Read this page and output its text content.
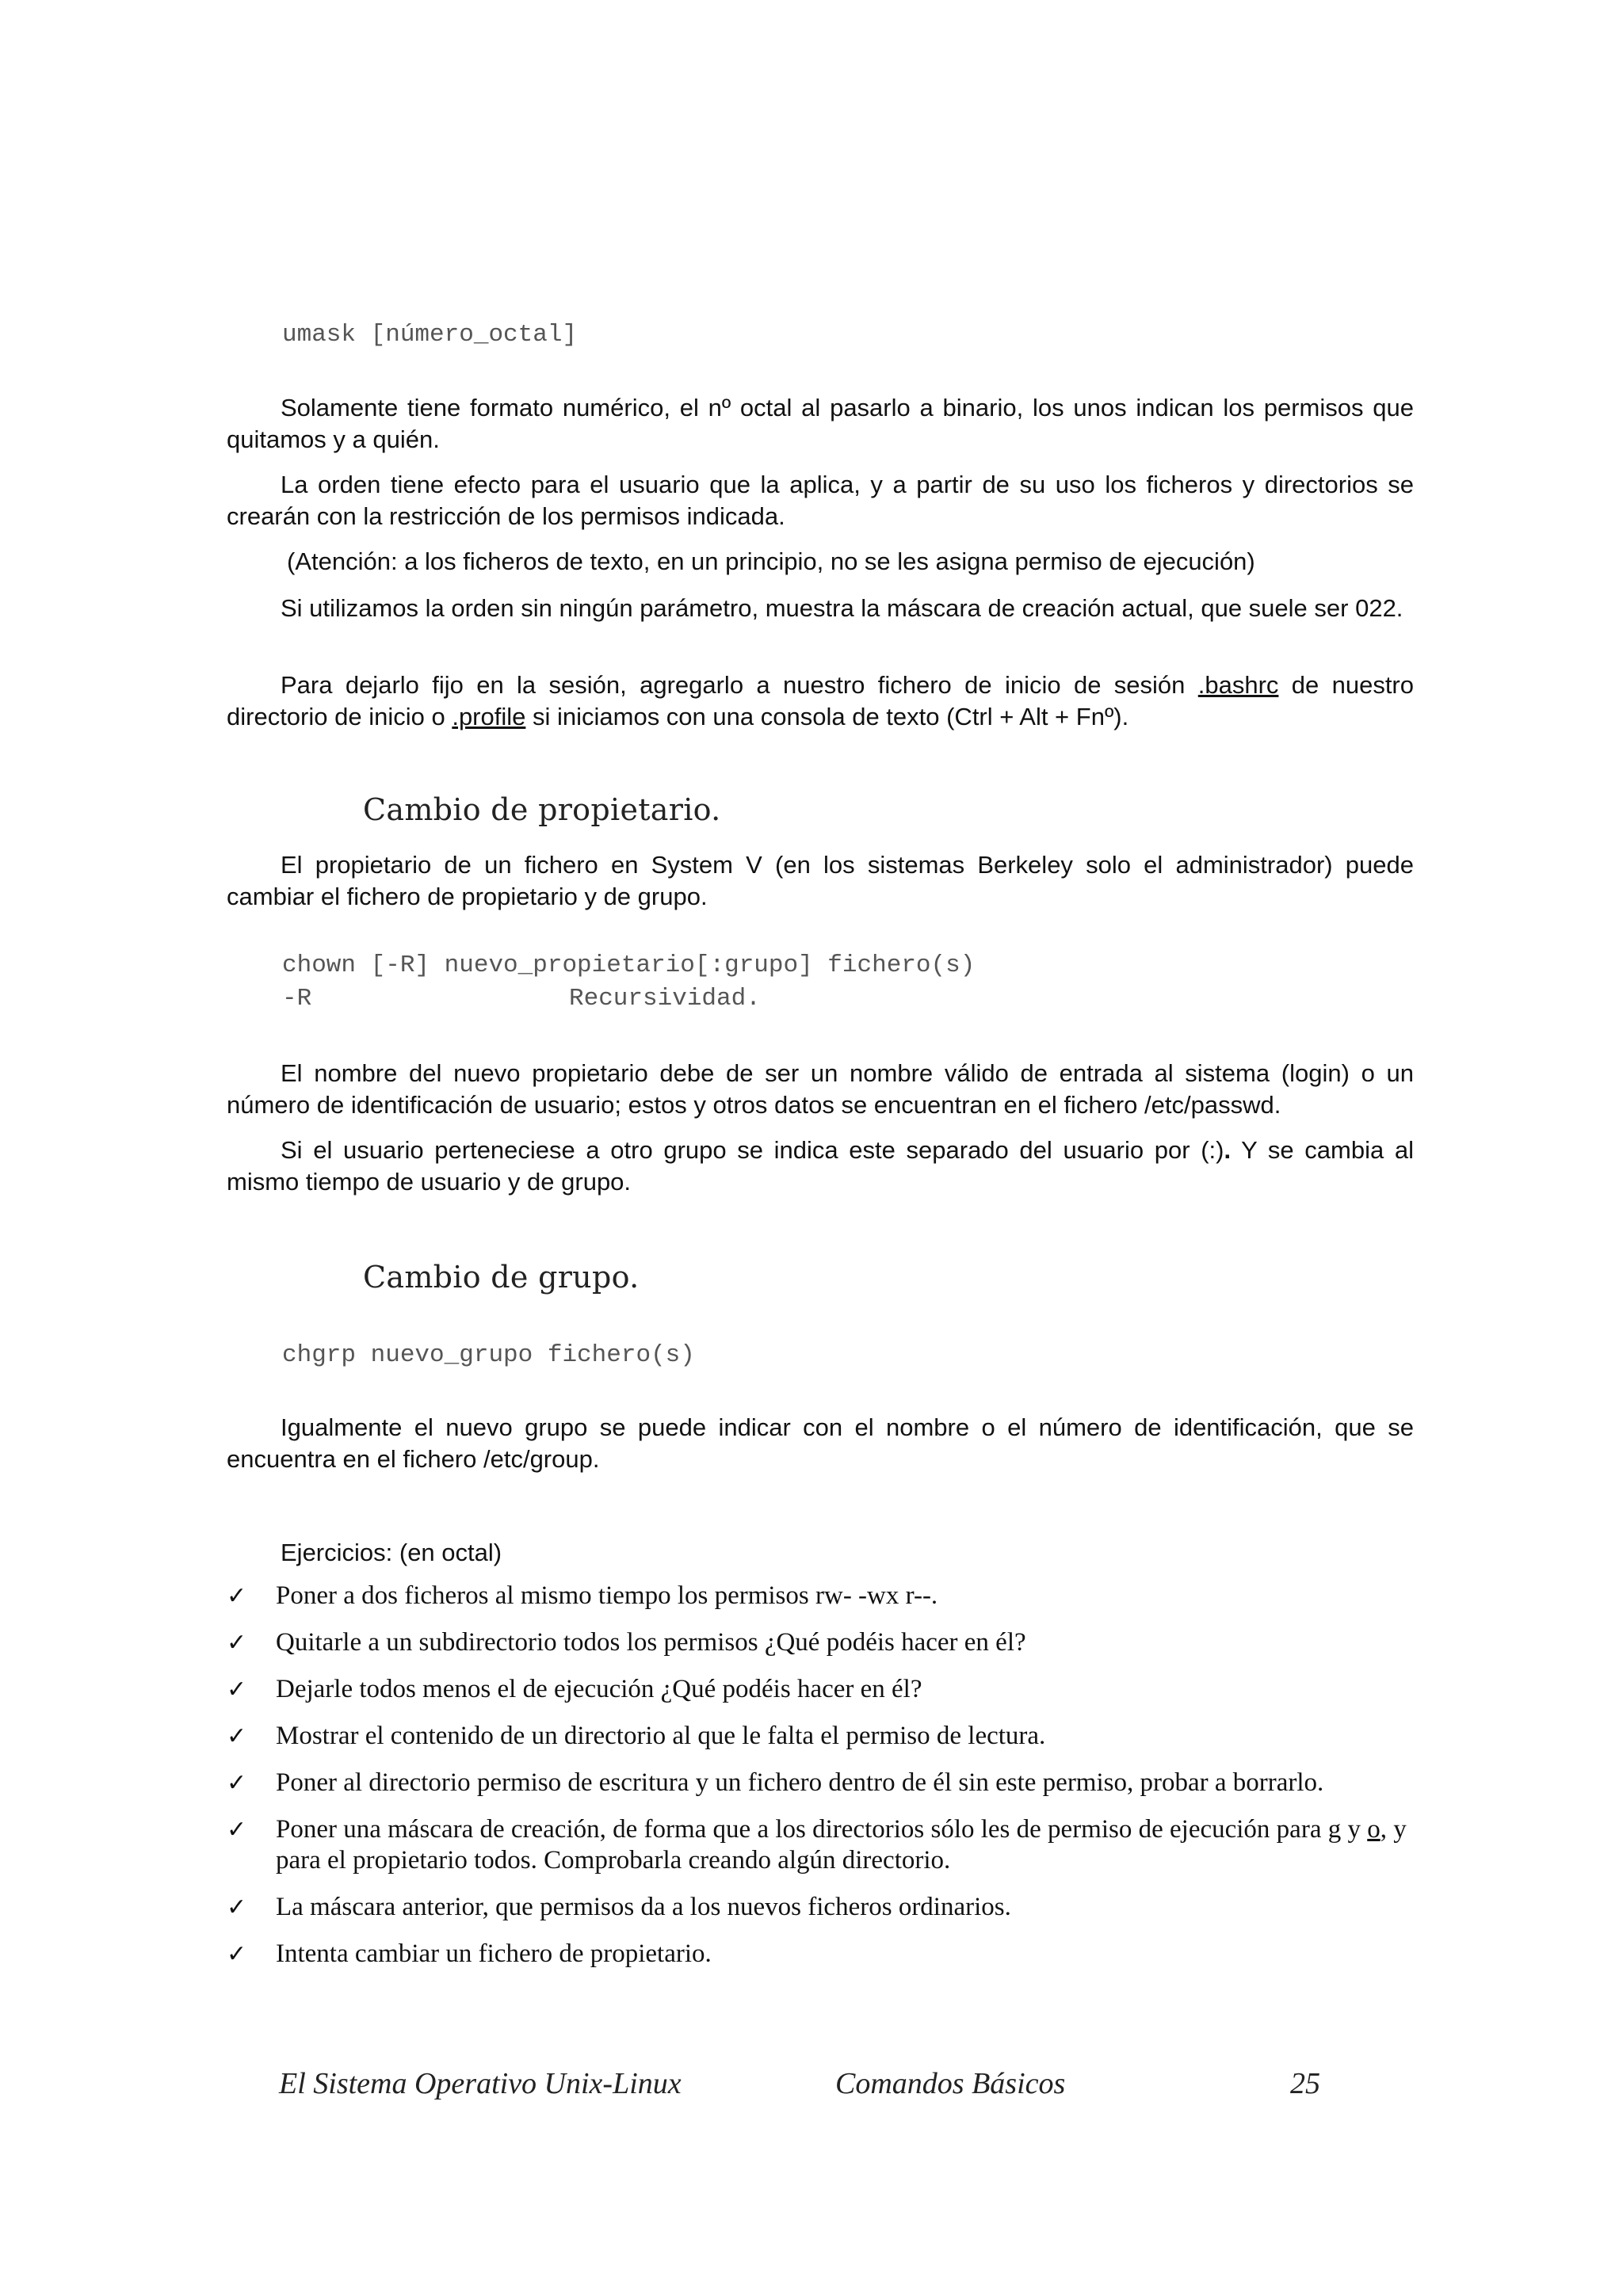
umask [número_octal]
Solamente tiene formato numérico, el nº octal al pasarlo a binario, los unos indican los permisos que quitamos y a quién.
La orden tiene efecto para el usuario que la aplica, y a partir de su uso los ficheros y directorios se crearán con la restricción de los permisos indicada.
(Atención: a los ficheros de texto, en un principio, no se les asigna permiso de ejecución)
Si utilizamos la orden sin ningún parámetro, muestra la máscara de creación actual, que suele ser 022.
Para dejarlo fijo en la sesión, agregarlo a nuestro fichero de inicio de sesión .bashrc de nuestro directorio de inicio o .profile si iniciamos con una consola de texto (Ctrl + Alt + Fnº).
Cambio de propietario.
El propietario de un fichero en System V (en los sistemas Berkeley solo el administrador) puede cambiar el fichero de propietario y de grupo.
chown [-R] nuevo_propietario[:grupo] fichero(s)
-R	Recursividad.
El nombre del nuevo propietario debe de ser un nombre válido de entrada al sistema (login) o un número de identificación de usuario; estos y otros datos se encuentran en el fichero /etc/passwd.
Si el usuario perteneciese a otro grupo se indica este separado del usuario por (:). Y se cambia al mismo tiempo de usuario y de grupo.
Cambio de grupo.
chgrp nuevo_grupo fichero(s)
Igualmente el nuevo grupo se puede indicar con el nombre o el número de identificación, que se encuentra en el fichero /etc/group.
Ejercicios: (en octal)
✓ Poner a dos ficheros al mismo tiempo los permisos rw- -wx r--.
✓ Quitarle a un subdirectorio todos los permisos ¿Qué podéis hacer en él?
✓ Dejarle todos menos el de ejecución ¿Qué podéis hacer en él?
✓ Mostrar el contenido de un directorio al que le falta el permiso de lectura.
✓ Poner al directorio permiso de escritura y un fichero dentro de él sin este permiso, probar a borrarlo.
✓ Poner una máscara de creación, de forma que a los directorios sólo les de permiso de ejecución para g y o, y para el propietario todos. Comprobarla creando algún directorio.
✓ La máscara anterior, que permisos da a los nuevos ficheros ordinarios.
✓ Intenta cambiar un fichero de propietario.
El Sistema Operativo Unix-Linux	Comandos Básicos	25
